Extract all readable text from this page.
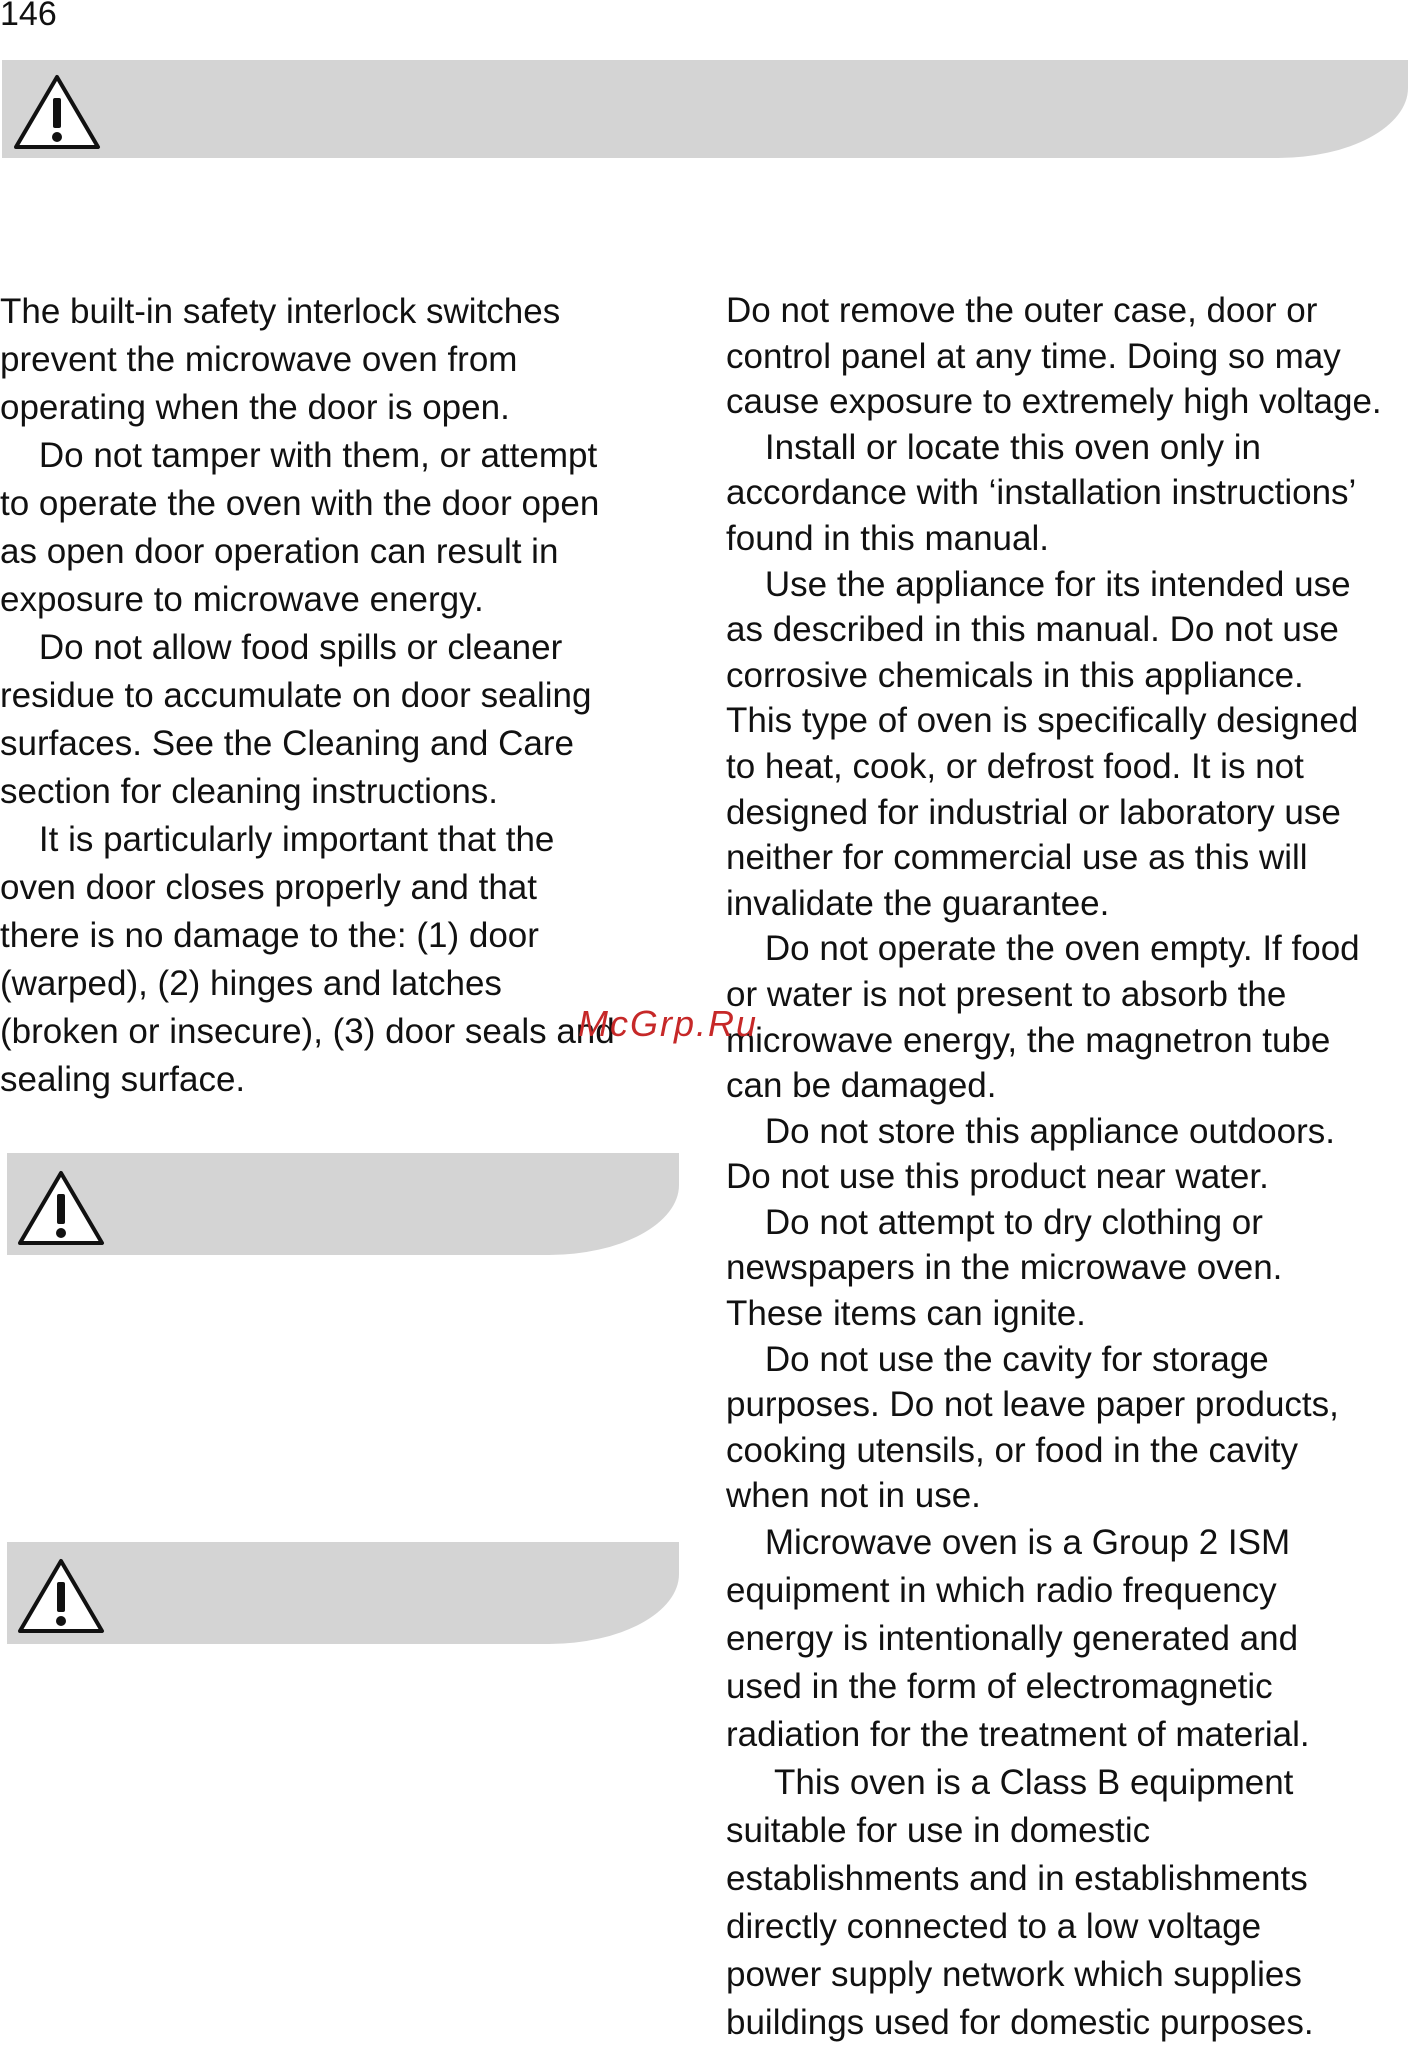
146

The built-in safety interlock switches
prevent the microwave oven from
operating when the door is open.

Do not tamper with them, or attempt
to operate the oven with the door open
as open door operation can result in
exposure to microwave energy.

Do not allow food spills or cleaner
residue to accumulate on door sealing
surfaces. See the Cleaning and Care
section for cleaning instructions.

It is particularly important that the
oven door closes properly and that
there is no damage to the: (1) door
(warped), (2) hinges and latches
(broken or insecure), (3) door seals and
sealing surface.

Do not remove the outer case, door or
control panel at any time. Doing so may
cause exposure to extremely high voltage.

Install or locate this oven only in
accordance with ‘installation instructions’
found in this manual.

Use the appliance for its intended use
as described in this manual. Do not use
corrosive chemicals in this appliance.
This type of oven is specifically designed
to heat, cook, or defrost food. It is not
designed for industrial or laboratory use
neither for commercial use as this will
invalidate the guarantee.

Do not operate the oven empty. If food
or water is not present to absorb the
microwave energy, the magnetron tube
can be damaged.

Do not store this appliance outdoors.
Do not use this product near water.

Do not attempt to dry clothing or
newspapers in the microwave oven.
These items can ignite.

Do not use the cavity for storage
purposes. Do not leave paper products,
cooking utensils, or food in the cavity
when not in use.

Microwave oven is a Group 2 ISM
equipment in which radio frequency
energy is intentionally generated and
used in the form of electromagnetic
radiation for the treatment of material.

This oven is a Class B equipment
suitable for use in domestic
establishments and in establishments
directly connected to a low voltage
power supply network which supplies
buildings used for domestic purposes.

McGrp.Ru
